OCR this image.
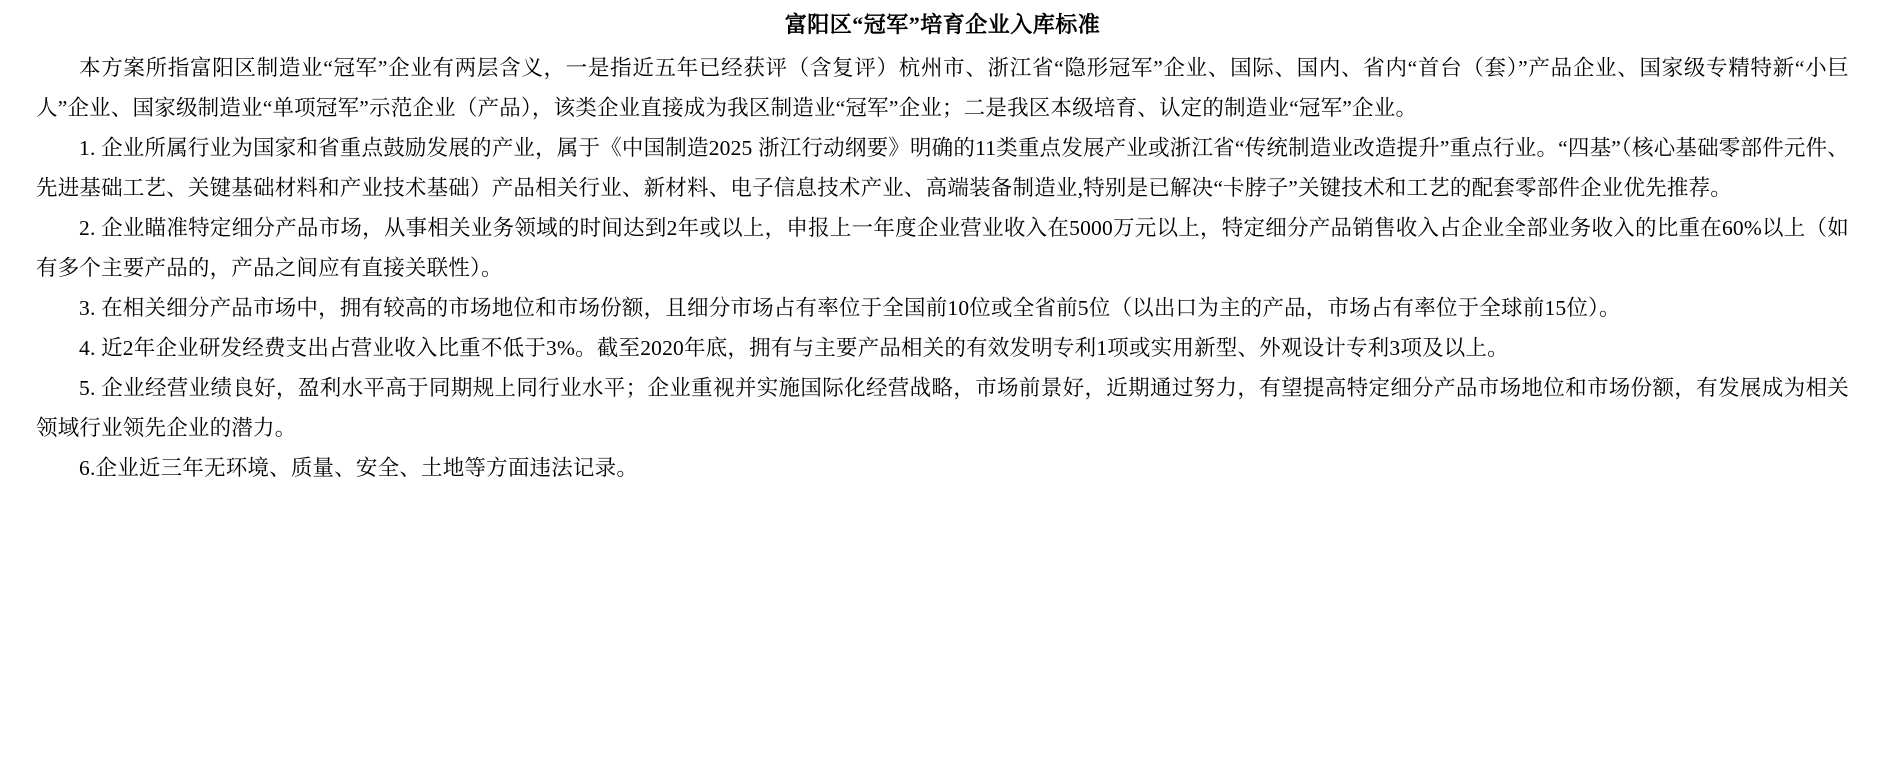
富阳区“冠军”培育企业入库标准

本方案所指富阳区制造业“冠军”企业有两层含义，一是指近五年已经获评（含复评）杭州市、浙江省“隐形冠军”企业、国际、国内、省内“首台（套）”产品企业、国家级专精特新“小巨人”企业、国家级制造业“单项冠军”示范企业（产品），该类企业直接成为我区制造业“冠军”企业；二是我区本级培育、认定的制造业“冠军”企业。

1. 企业所属行业为国家和省重点鼓励发展的产业，属于《中国制造2025 浙江行动纲要》明确的11类重点发展产业或浙江省“传统制造业改造提升”重点行业。“四基”（核心基础零部件元件、先进基础工艺、关键基础材料和产业技术基础）产品相关行业、新材料、电子信息技术产业、高端装备制造业,特别是已解决“卡脖子”关键技术和工艺的配套零部件企业优先推荐。

2. 企业瞄准特定细分产品市场，从事相关业务领域的时间达到2年或以上，申报上一年度企业营业收入在5000万元以上，特定细分产品销售收入占企业全部业务收入的比重在60%以上（如有多个主要产品的，产品之间应有直接关联性）。

3. 在相关细分产品市场中，拥有较高的市场地位和市场份额，且细分市场占有率位于全国前10位或全省前5位（以出口为主的产品，市场占有率位于全球前15位）。

4. 近2年企业研发经费支出占营业收入比重不低于3%。截至2020年底，拥有与主要产品相关的有效发明专利1项或实用新型、外观设计专利3项及以上。

5. 企业经营业绩良好，盈利水平高于同期规上同行业水平；企业重视并实施国际化经营战略，市场前景好，近期通过努力，有望提高特定细分产品市场地位和市场份额，有发展成为相关领域行业领先企业的潜力。

6.企业近三年无环境、质量、安全、土地等方面违法记录。
